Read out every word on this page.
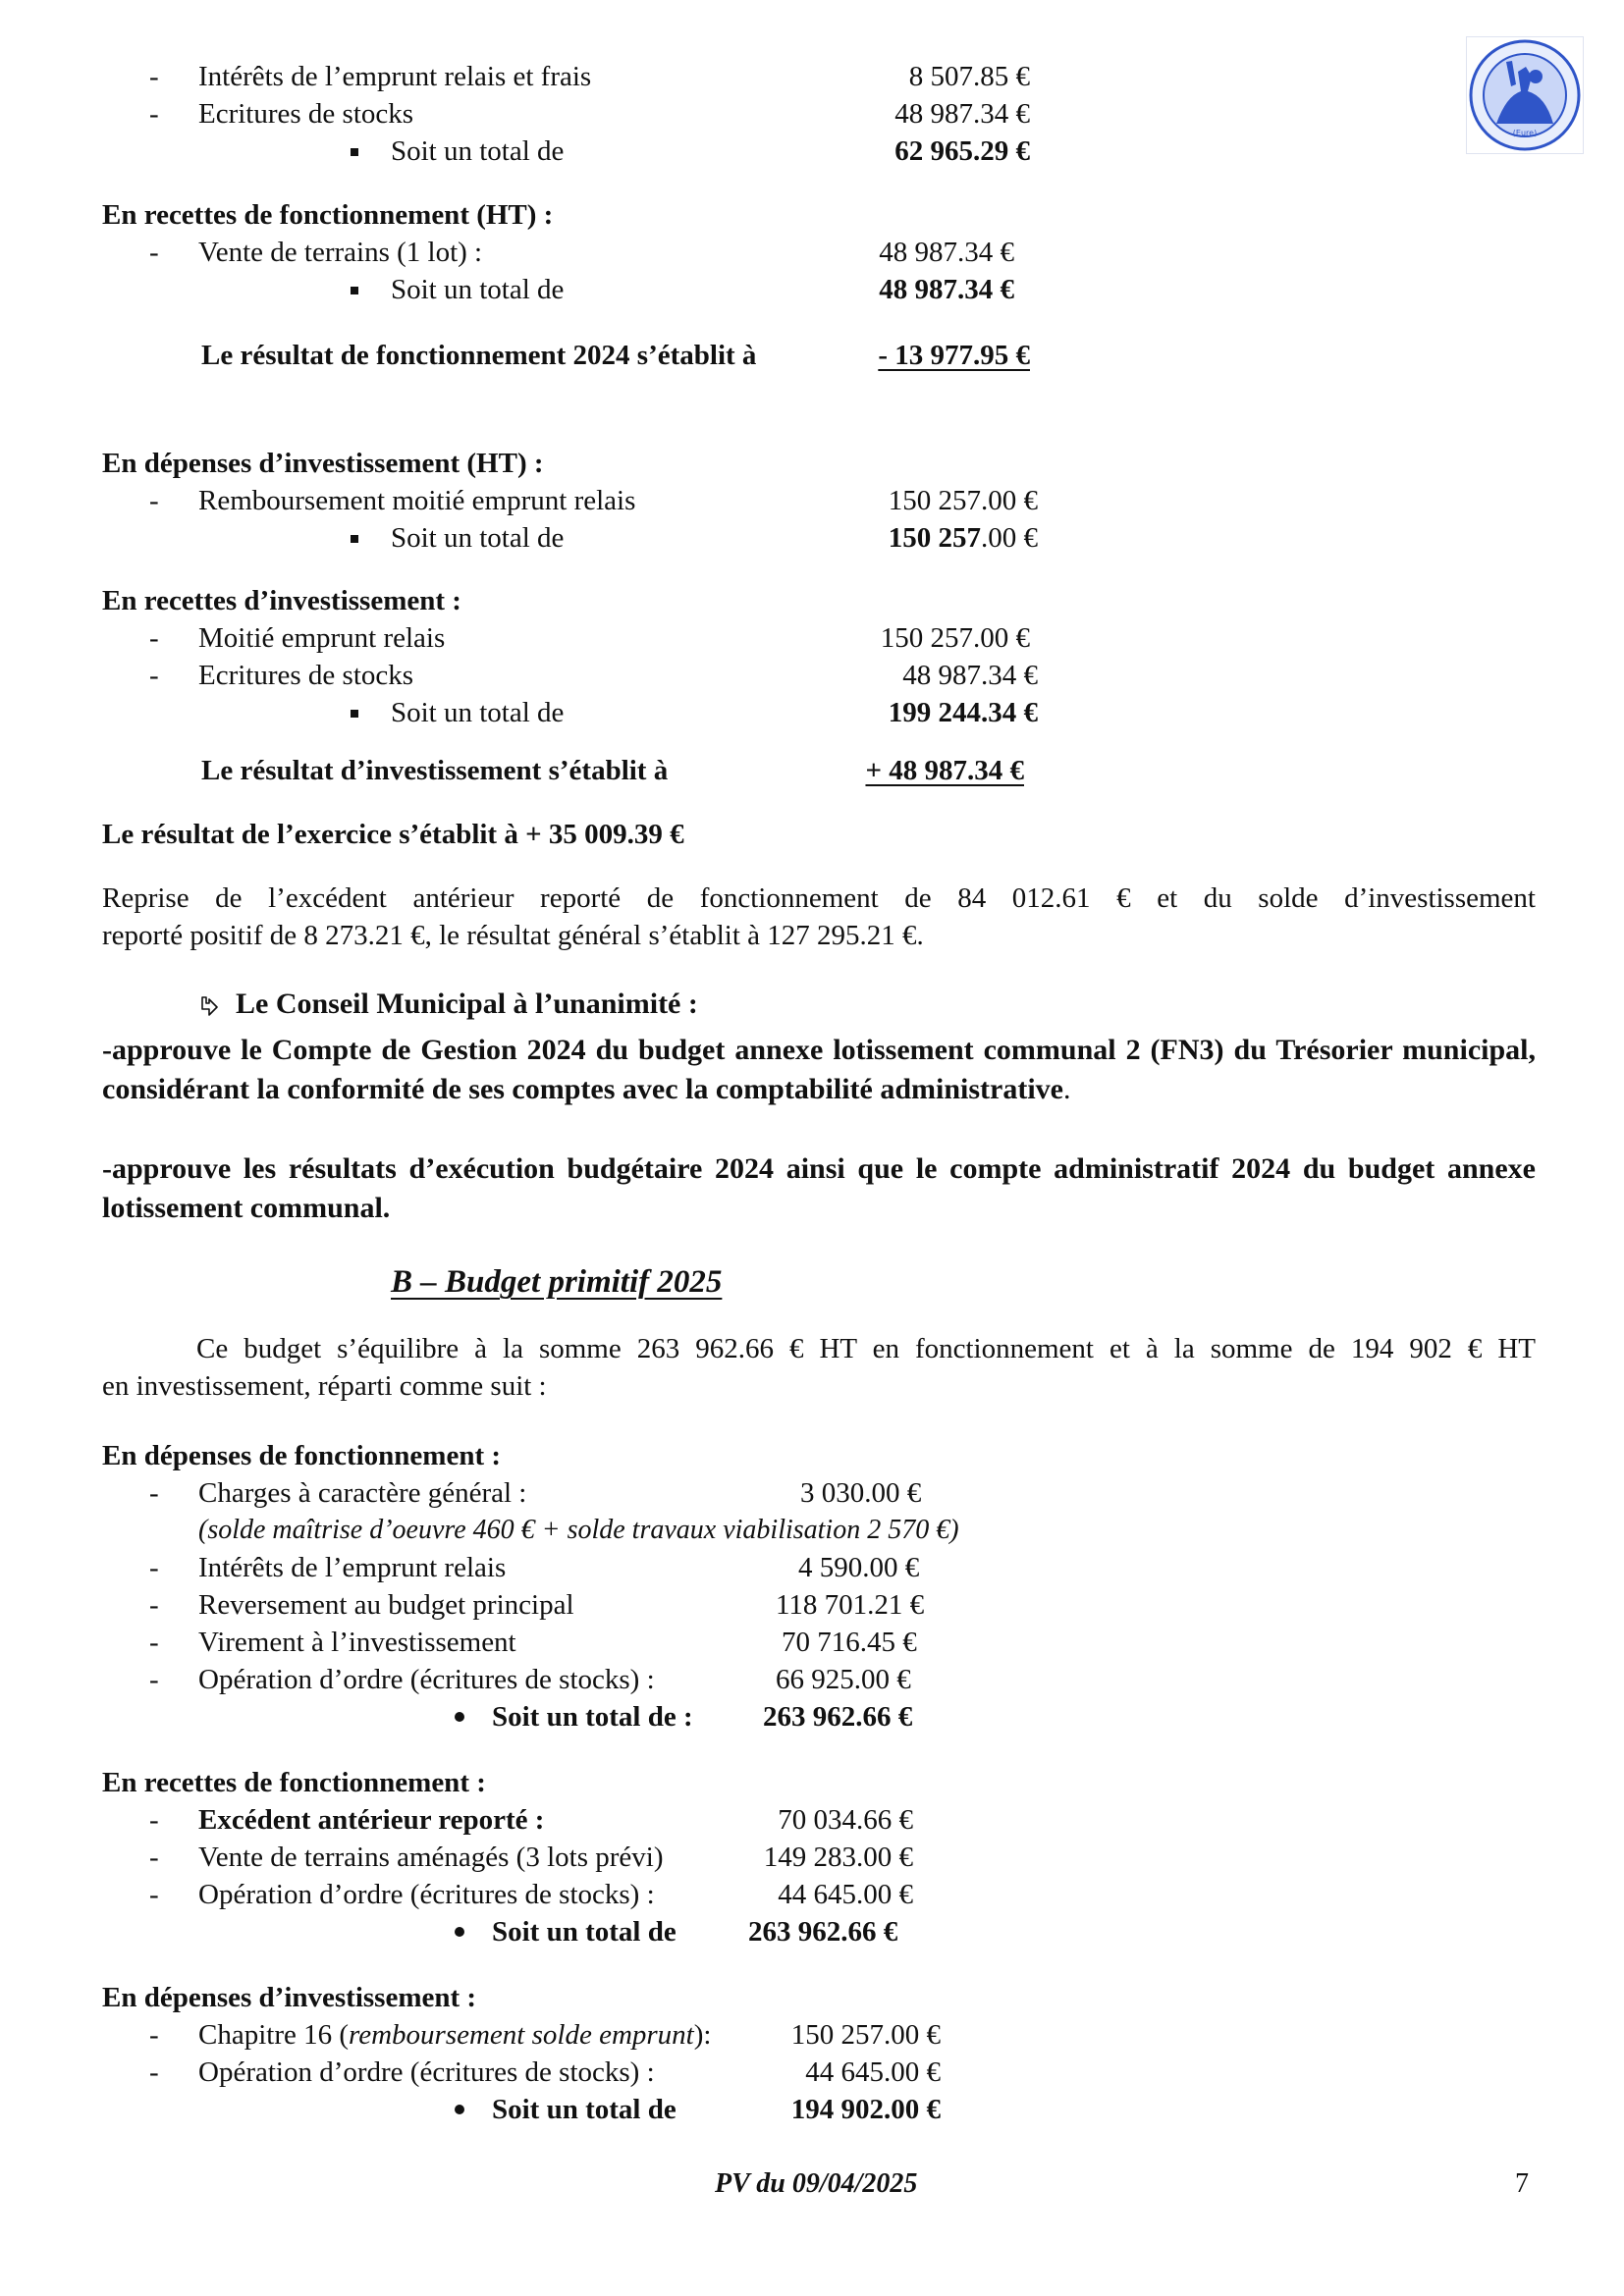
(Eure)
- Intérêts de l’emprunt relais et frais	8 507.85 €
- Ecritures de stocks	48 987.34 €
Soit un total de	62 965.29 €
En recettes de fonctionnement (HT) :
- Vente de terrains (1 lot) :	48 987.34 €
Soit un total de	48 987.34 €
Le résultat de fonctionnement 2024 s’établit à	- 13 977.95 €
En dépenses d’investissement (HT) :
- Remboursement moitié emprunt relais	150 257.00 €
Soit un total de	150 257.00 €
En recettes d’investissement :
- Moitié emprunt relais	150 257.00 €
- Ecritures de stocks	48 987.34 €
Soit un total de	199 244.34 €
Le résultat d’investissement s’établit à	+ 48 987.34 €
Le résultat de l’exercice s’établit à + 35 009.39 €
Reprise de l’excédent antérieur reporté de fonctionnement de 84 012.61 € et du solde d’investissement
reporté positif de 8 273.21 €, le résultat général s’établit à 127 295.21 €.
Le Conseil Municipal à l’unanimité :
-approuve le Compte de Gestion 2024 du budget annexe lotissement communal 2 (FN3) du Trésorier municipal, considérant la conformité de ses comptes avec la comptabilité administrative.
-approuve les résultats d’exécution budgétaire 2024 ainsi que le compte administratif 2024 du budget annexe lotissement communal.
B – Budget primitif 2025
Ce budget s’équilibre à la somme 263 962.66 € HT en fonctionnement et à la somme de 194 902 € HT
en investissement, réparti comme suit :
En dépenses de fonctionnement :
- Charges à caractère général :	3 030.00 €
(solde maîtrise d’oeuvre 460 € + solde travaux viabilisation 2 570 €)
- Intérêts de l’emprunt relais	4 590.00 €
- Reversement au budget principal	118 701.21 €
- Virement à l’investissement	70 716.45 €
- Opération d’ordre (écritures de stocks) :	66 925.00 €
Soit un total de : 263 962.66 €
En recettes de fonctionnement :
- Excédent antérieur reporté :	70 034.66 €
- Vente de terrains aménagés (3 lots prévi)	149 283.00 €
- Opération d’ordre (écritures de stocks) :	44 645.00 €
Soit un total de	263 962.66 €
En dépenses d’investissement :
- Chapitre 16 (remboursement solde emprunt):	150 257.00 €
- Opération d’ordre (écritures de stocks) :	44 645.00 €
Soit un total de	194 902.00 €
PV du 09/04/2025	7
